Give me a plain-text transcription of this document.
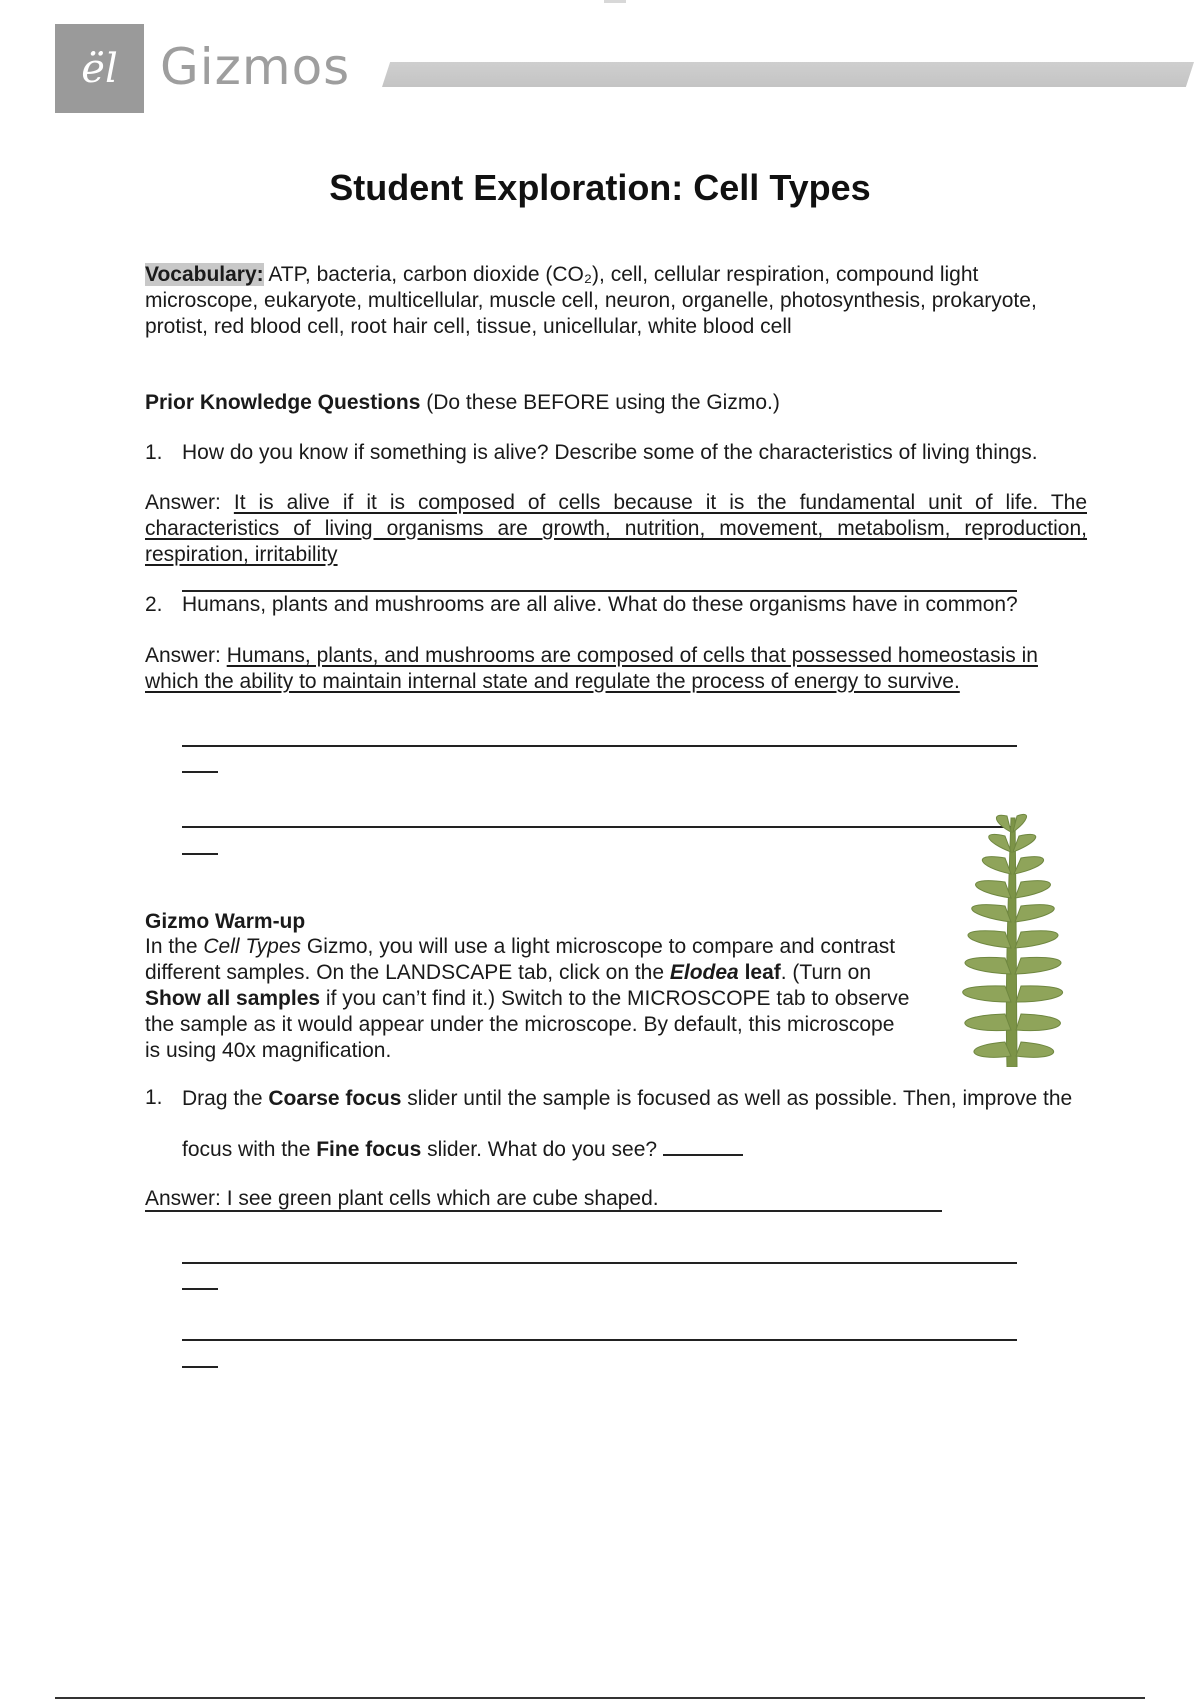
ël Gizmos
Student Exploration: Cell Types
Vocabulary: ATP, bacteria, carbon dioxide (CO₂), cell, cellular respiration, compound light microscope, eukaryote, multicellular, muscle cell, neuron, organelle, photosynthesis, prokaryote, protist, red blood cell, root hair cell, tissue, unicellular, white blood cell
Prior Knowledge Questions (Do these BEFORE using the Gizmo.)
1. How do you know if something is alive? Describe some of the characteristics of living things.
Answer: It is alive if it is composed of cells because it is the fundamental unit of life. The characteristics of living organisms are growth, nutrition, movement, metabolism, reproduction, respiration, irritability
2. Humans, plants and mushrooms are all alive. What do these organisms have in common?
Answer: Humans, plants, and mushrooms are composed of cells that possessed homeostasis in which the ability to maintain internal state and regulate the process of energy to survive.
Gizmo Warm-up
In the Cell Types Gizmo, you will use a light microscope to compare and contrast different samples. On the LANDSCAPE tab, click on the Elodea leaf. (Turn on Show all samples if you can’t find it.) Switch to the MICROSCOPE tab to observe the sample as it would appear under the microscope. By default, this microscope is using 40x magnification.
1. Drag the Coarse focus slider until the sample is focused as well as possible. Then, improve the focus with the Fine focus slider. What do you see?
Answer: I see green plant cells which are cube shaped.
